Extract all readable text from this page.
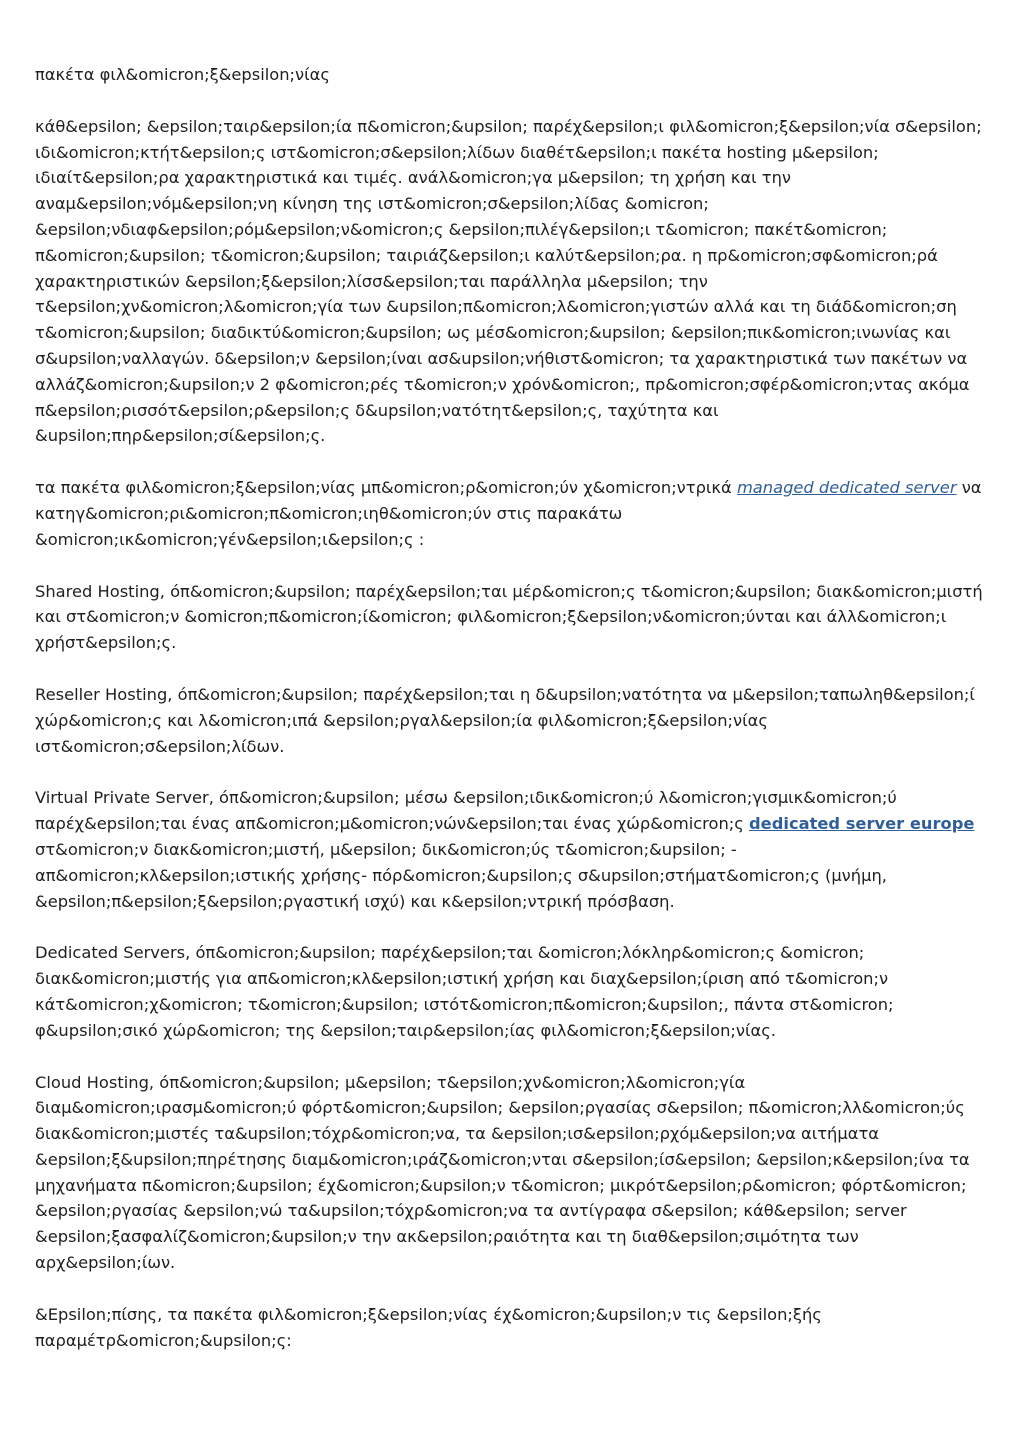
πακέτα φιλ&omicron;ξ&epsilon;νίας

κάθ&epsilon; &epsilon;ταιρ&epsilon;ία π&omicron;&upsilon; παρέχ&epsilon;ι φιλ&omicron;ξ&epsilon;νία σ&epsilon; ιδι&omicron;κτήτ&epsilon;ς ιστ&omicron;σ&epsilon;λίδων διαθέτ&epsilon;ι πακέτα hosting μ&epsilon; ιδιαίτ&epsilon;ρα χαρακτηριστικά και τιμές. ανάλ&omicron;γα μ&epsilon; τη χρήση και την αναμ&epsilon;νόμ&epsilon;νη κίνηση της ιστ&omicron;σ&epsilon;λίδας &omicron; &epsilon;νδιαφ&epsilon;ρόμ&epsilon;ν&omicron;ς &epsilon;πιλέγ&epsilon;ι τ&omicron; πακέτ&omicron; π&omicron;&upsilon; τ&omicron;&upsilon; ταιριάζ&epsilon;ι καλύτ&epsilon;ρα. η πρ&omicron;σφ&omicron;ρά χαρακτηριστικών &epsilon;ξ&epsilon;λίσσ&epsilon;ται παράλληλα μ&epsilon; την τ&epsilon;χν&omicron;λ&omicron;γία των &upsilon;π&omicron;λ&omicron;γιστών αλλά και τη διάδ&omicron;ση τ&omicron;&upsilon; διαδικτύ&omicron;&upsilon; ως μέσ&omicron;&upsilon; &epsilon;πικ&omicron;ινωνίας και σ&upsilon;ναλλαγών. δ&epsilon;ν &epsilon;ίναι ασ&upsilon;νήθιστ&omicron; τα χαρακτηριστικά των πακέτων να αλλάζ&omicron;&upsilon;ν 2 φ&omicron;ρές τ&omicron;ν χρόν&omicron;, πρ&omicron;σφέρ&omicron;ντας ακόμα π&epsilon;ρισσότ&epsilon;ρ&epsilon;ς δ&upsilon;νατότητ&epsilon;ς, ταχύτητα και &upsilon;πηρ&epsilon;σί&epsilon;ς.

τα πακέτα φιλ&omicron;ξ&epsilon;νίας μπ&omicron;ρ&omicron;ύν χ&omicron;ντρικά managed dedicated server να κατηγ&omicron;ρι&omicron;π&omicron;ιηθ&omicron;ύν στις παρακάτω &omicron;ικ&omicron;γέν&epsilon;ι&epsilon;ς :

Shared Hosting, όπ&omicron;&upsilon; παρέχ&epsilon;ται μέρ&omicron;ς τ&omicron;&upsilon; διακ&omicron;μιστή και στ&omicron;ν &omicron;π&omicron;ί&omicron; φιλ&omicron;ξ&epsilon;ν&omicron;ύνται και άλλ&omicron;ι χρήστ&epsilon;ς.

Reseller Hosting, όπ&omicron;&upsilon; παρέχ&epsilon;ται η δ&upsilon;νατότητα να μ&epsilon;ταπωληθ&epsilon;ί χώρ&omicron;ς και λ&omicron;ιπά &epsilon;ργαλ&epsilon;ία φιλ&omicron;ξ&epsilon;νίας ιστ&omicron;σ&epsilon;λίδων.

Virtual Private Server, όπ&omicron;&upsilon; μέσω &epsilon;ιδικ&omicron;ύ λ&omicron;γισμικ&omicron;ύ παρέχ&epsilon;ται ένας απ&omicron;μ&omicron;νών&epsilon;ται ένας χώρ&omicron;ς dedicated server europe στ&omicron;ν διακ&omicron;μιστή, μ&epsilon; δικ&omicron;ύς τ&omicron;&upsilon; - απ&omicron;κλ&epsilon;ιστικής χρήσης- πόρ&omicron;&upsilon;ς σ&upsilon;στήματ&omicron;ς (μνήμη, &epsilon;π&epsilon;ξ&epsilon;ργαστική ισχύ) και κ&epsilon;ντρική πρόσβαση.

Dedicated Servers, όπ&omicron;&upsilon; παρέχ&epsilon;ται &omicron;λόκληρ&omicron;ς &omicron; διακ&omicron;μιστής για απ&omicron;κλ&epsilon;ιστική χρήση και διαχ&epsilon;ίριση από τ&omicron;ν κάτ&omicron;χ&omicron; τ&omicron;&upsilon; ιστότ&omicron;π&omicron;&upsilon;, πάντα στ&omicron; φ&upsilon;σικό χώρ&omicron; της &epsilon;ταιρ&epsilon;ίας φιλ&omicron;ξ&epsilon;νίας.

Cloud Hosting, όπ&omicron;&upsilon; μ&epsilon; τ&epsilon;χν&omicron;λ&omicron;γία διαμ&omicron;ιρασμ&omicron;ύ φόρτ&omicron;&upsilon; &epsilon;ργασίας σ&epsilon; π&omicron;λλ&omicron;ύς διακ&omicron;μιστές τα&upsilon;τόχρ&omicron;να, τα &epsilon;ισ&epsilon;ρχόμ&epsilon;να αιτήματα &epsilon;ξ&upsilon;πηρέτησης διαμ&omicron;ιράζ&omicron;νται σ&epsilon;ίσ&epsilon; &epsilon;κ&epsilon;ίνα τα μηχανήματα π&omicron;&upsilon; έχ&omicron;&upsilon;ν τ&omicron; μικρότ&epsilon;ρ&omicron; φόρτ&omicron; &epsilon;ργασίας &epsilon;νώ τα&upsilon;τόχρ&omicron;να τα αντίγραφα σ&epsilon; κάθ&epsilon; server &epsilon;ξασφαλίζ&omicron;&upsilon;ν την ακ&epsilon;ραιότητα και τη διαθ&epsilon;σιμότητα των αρχ&epsilon;ίων.

&Epsilon;πίσης, τα πακέτα φιλ&omicron;ξ&epsilon;νίας έχ&omicron;&upsilon;ν τις &epsilon;ξής παραμέτρ&omicron;&upsilon;ς:
